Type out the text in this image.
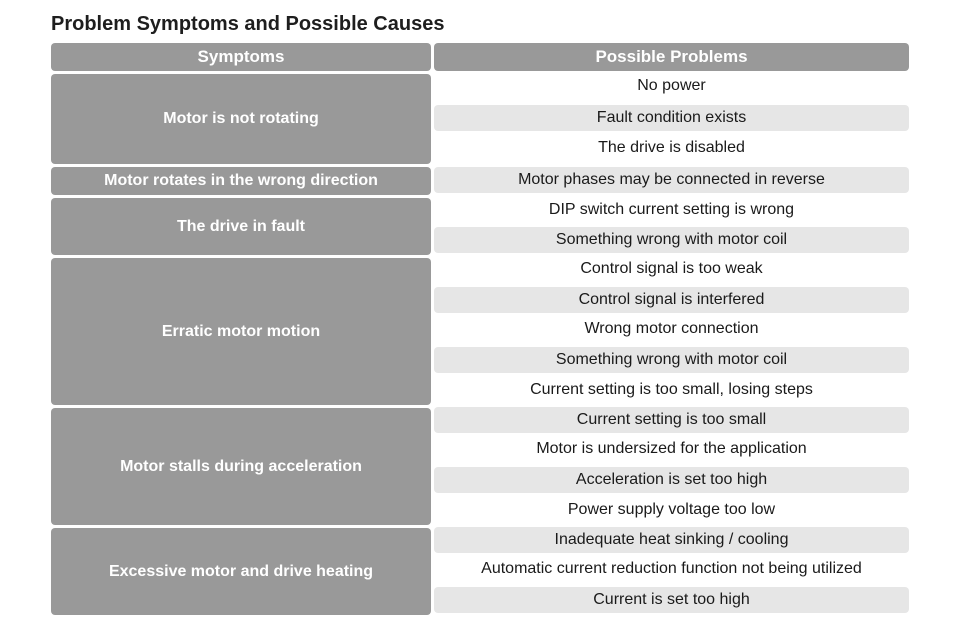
Problem Symptoms and Possible Causes
Symptoms	Possible Problems
Motor is not rotating
Motor rotates in the wrong direction
The drive in fault
Erratic motor motion
Motor stalls during acceleration
Excessive motor and drive heating
No power
Fault condition exists
The drive is disabled
Motor phases may be connected in reverse
DIP switch current setting is wrong
Something wrong with motor coil
Control signal is too weak
Control signal is interfered
Wrong motor connection
Something wrong with motor coil
Current setting is too small, losing steps
Current setting is too small
Motor is undersized for the application
Acceleration is set too high
Power supply voltage too low
Inadequate heat sinking / cooling
Automatic current reduction function not being utilized
Current is set too high
